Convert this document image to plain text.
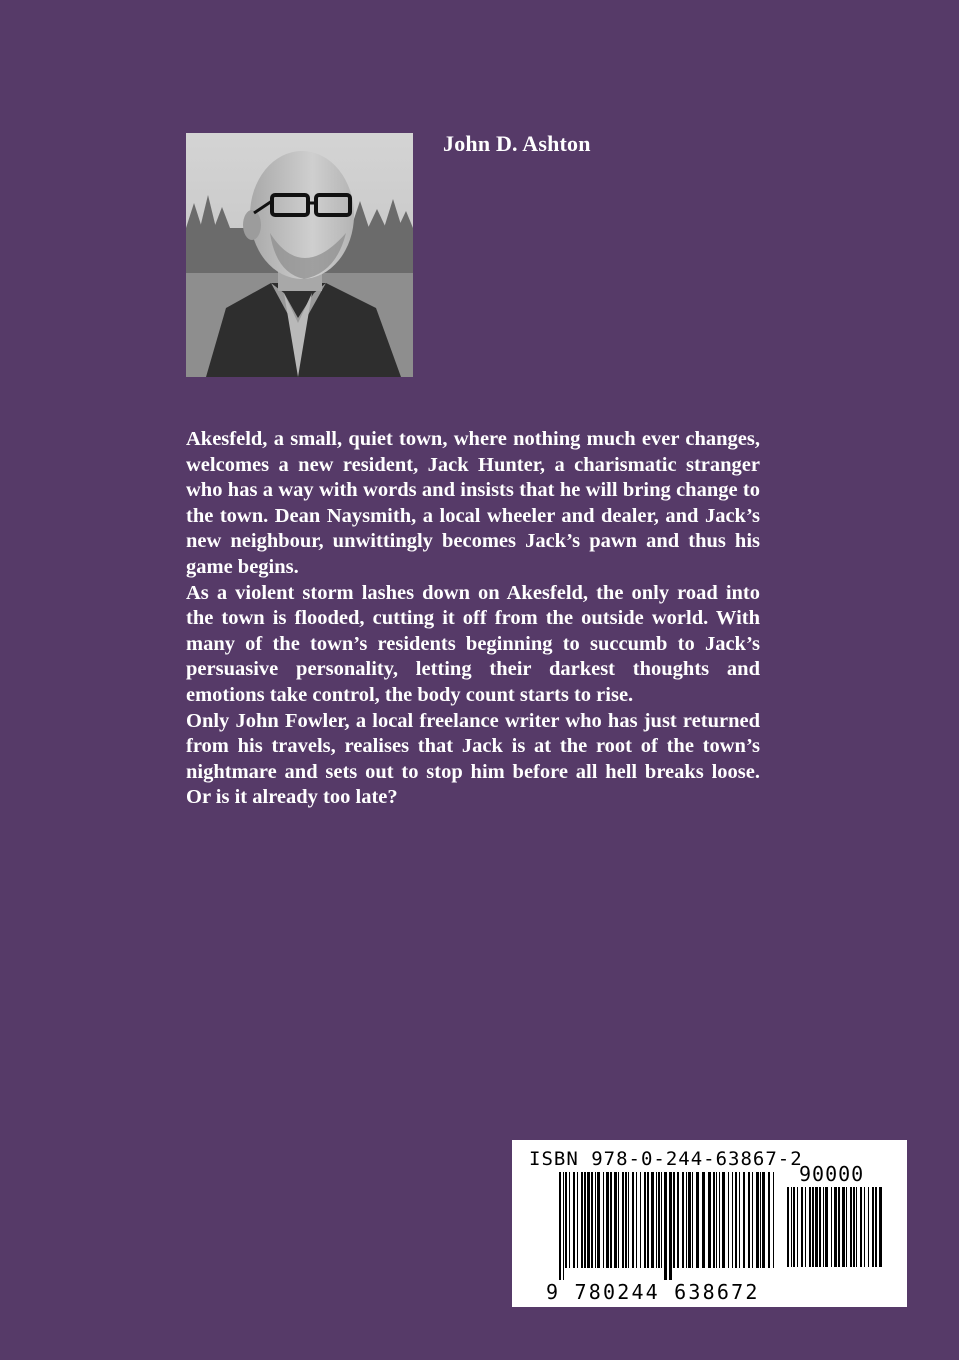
John D. Ashton

Akesfeld, a small, quiet town, where nothing much ever changes, welcomes a new resident, Jack Hunter, a charismatic stranger who has a way with words and insists that he will bring change to the town. Dean Naysmith, a local wheeler and dealer, and Jack’s new neighbour, unwittingly becomes Jack’s pawn and thus his game begins.

As a violent storm lashes down on Akesfeld, the only road into the town is flooded, cutting it off from the outside world. With many of the town’s residents beginning to succumb to Jack’s persuasive personality, letting their darkest thoughts and emotions take control, the body count starts to rise.

Only John Fowler, a local freelance writer who has just returned from his travels, realises that Jack is at the root of the town’s nightmare and sets out to stop him before all hell breaks loose. Or is it already too late?

ISBN 978-0-244-63867-2
90000
9 780244 638672
